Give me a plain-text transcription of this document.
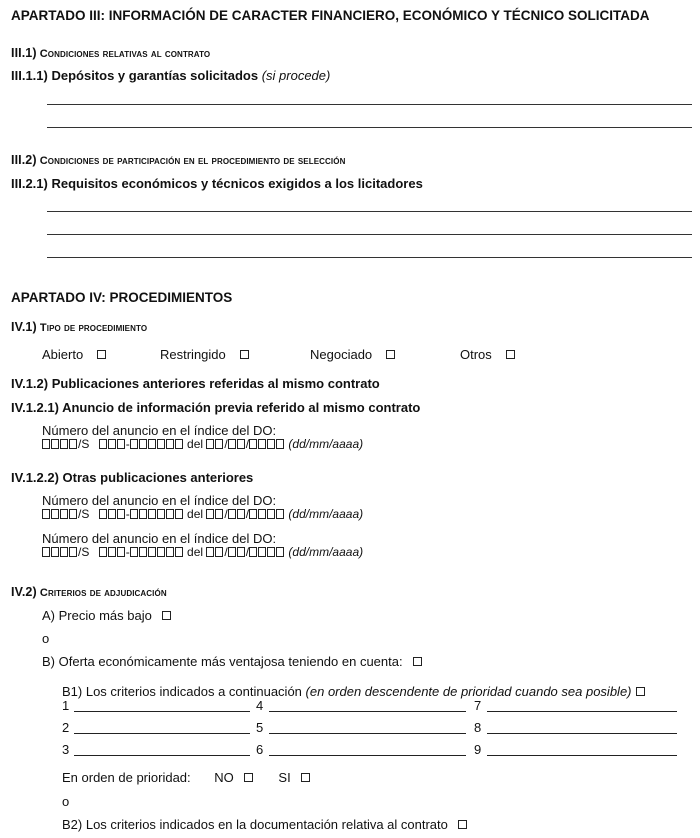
APARTADO III: INFORMACIÓN DE CARACTER FINANCIERO, ECONÓMICO Y TÉCNICO SOLICITADA
III.1) Condiciones relativas al contrato
III.1.1) Depósitos y garantías solicitados (si procede)
III.2) Condiciones de participación en el procedimiento de selección
III.2.1) Requisitos económicos y técnicos exigidos a los licitadores
APARTADO IV: PROCEDIMIENTOS
IV.1) Tipo de procedimiento
Abierto	Restringido	Negociado	Otros
IV.1.2) Publicaciones anteriores referidas al mismo contrato
IV.1.2.1) Anuncio de información previa referido al mismo contrato
Número del anuncio en el índice del DO:
/S	-	del / /	(dd/mm/aaaa)
IV.1.2.2) Otras publicaciones anteriores
Número del anuncio en el índice del DO:
/S	-	del / /	(dd/mm/aaaa)
Número del anuncio en el índice del DO:
/S	-	del / /	(dd/mm/aaaa)
IV.2) Criterios de adjudicación
A) Precio más bajo
o
B) Oferta económicamente más ventajosa teniendo en cuenta:
B1) Los criterios indicados a continuación (en orden descendente de prioridad cuando sea posible)
1	4	7
2	5	8
3	6	9
En orden de prioridad: NO	SI
o
B2) Los criterios indicados en la documentación relativa al contrato
